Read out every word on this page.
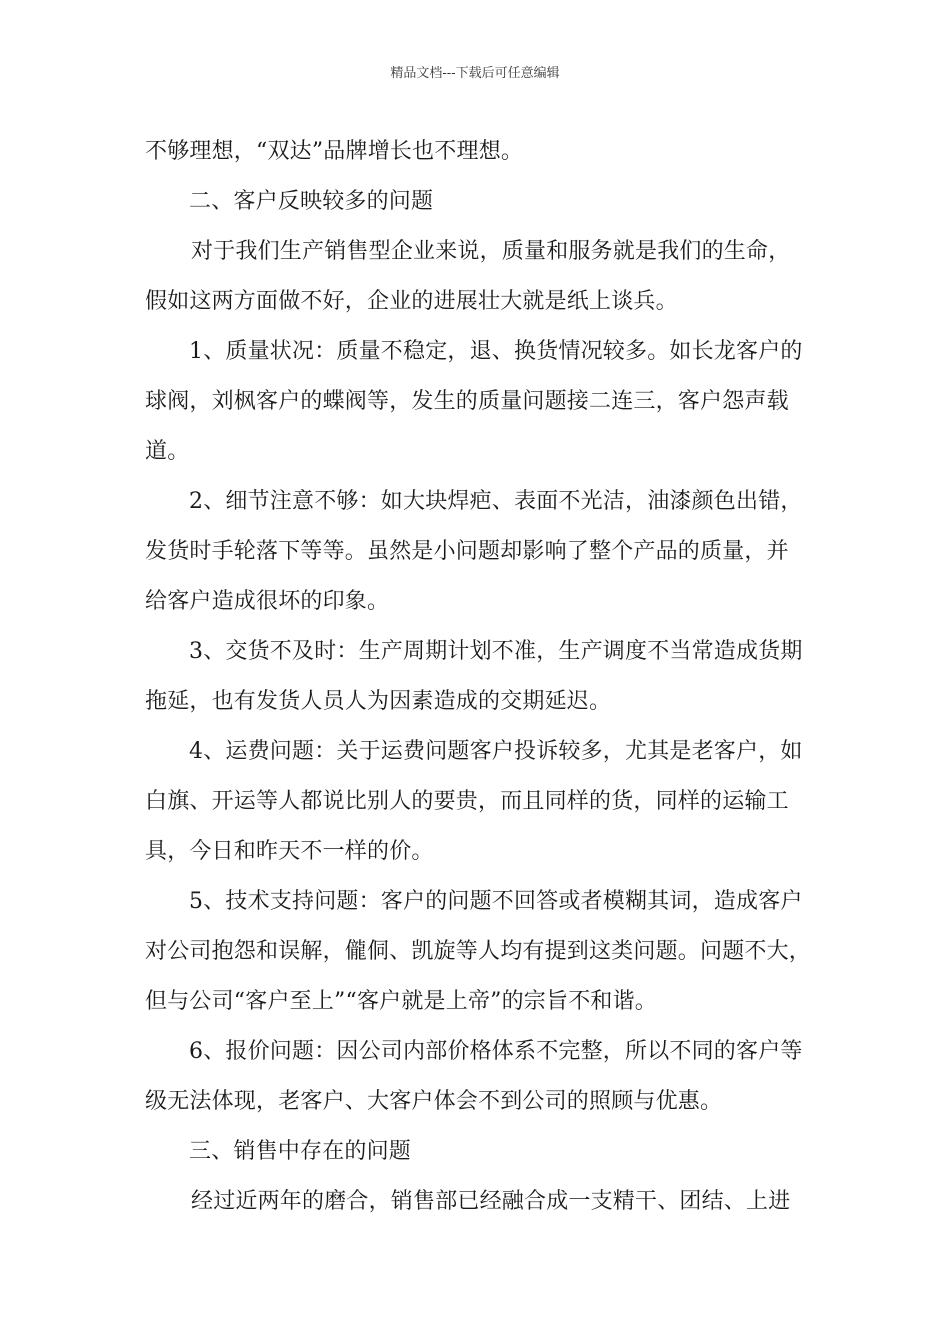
精品文档---下载后可任意编辑
不够理想，“双达”品牌增长也不理想。
二、客户反映较多的问题
对于我们生产销售型企业来说，质量和服务就是我们的生命，
假如这两方面做不好，企业的进展壮大就是纸上谈兵。
1、质量状况：质量不稳定，退、换货情况较多。如长龙客户的
球阀，刘枫客户的蝶阀等，发生的质量问题接二连三，客户怨声载
道。
2、细节注意不够：如大块焊疤、表面不光洁，油漆颜色出错，
发货时手轮落下等等。虽然是小问题却影响了整个产品的质量，并
给客户造成很坏的印象。
3、交货不及时：生产周期计划不准，生产调度不当常造成货期
拖延，也有发货人员人为因素造成的交期延迟。
4、运费问题：关于运费问题客户投诉较多，尤其是老客户，如
白旗、开运等人都说比别人的要贵，而且同样的货，同样的运输工
具，今日和昨天不一样的价。
5、技术支持问题：客户的问题不回答或者模糊其词，造成客户
对公司抱怨和误解，儱侗、凯旋等人均有提到这类问题。问题不大，
但与公司“客户至上”“客户就是上帝”的宗旨不和谐。
6、报价问题：因公司内部价格体系不完整，所以不同的客户等
级无法体现，老客户、大客户体会不到公司的照顾与优惠。
三、销售中存在的问题
经过近两年的磨合，销售部已经融合成一支精干、团结、上进
